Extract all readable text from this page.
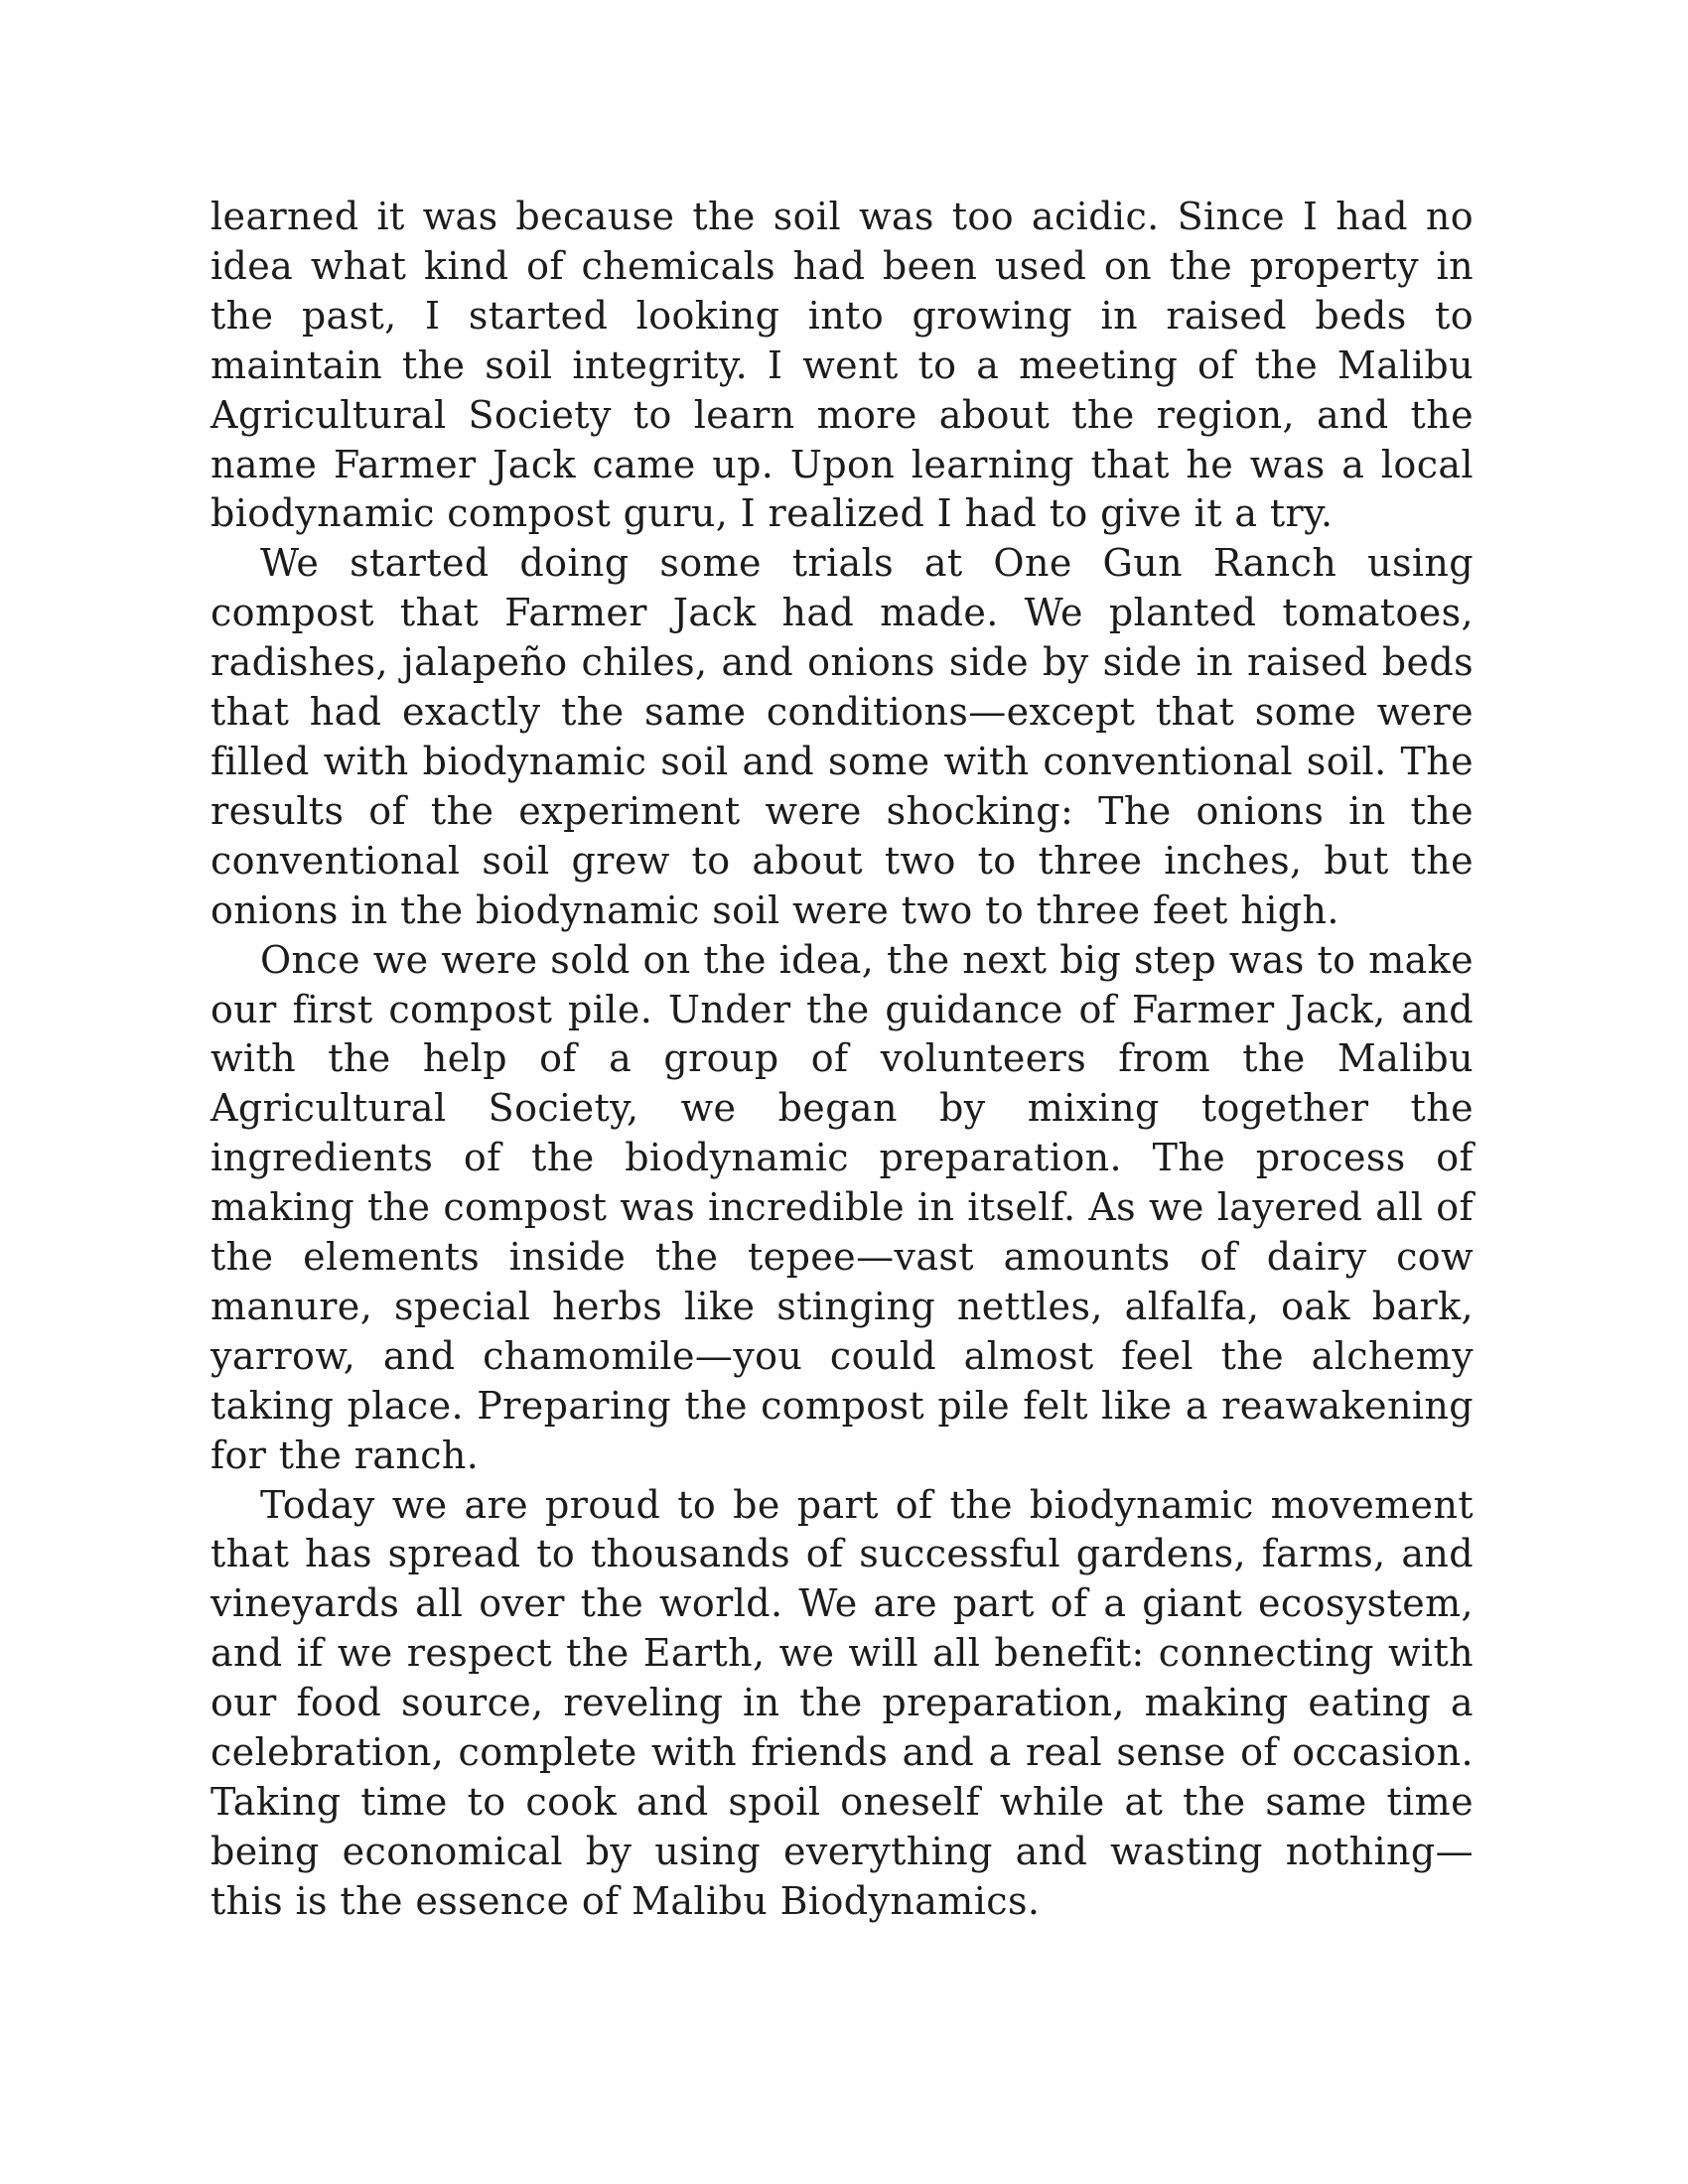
learned it was because the soil was too acidic. Since I had no idea what kind of chemicals had been used on the property in the past, I started looking into growing in raised beds to maintain the soil integrity. I went to a meeting of the Malibu Agricultural Society to learn more about the region, and the name Farmer Jack came up. Upon learning that he was a local biodynamic compost guru, I realized I had to give it a try.

We started doing some trials at One Gun Ranch using compost that Farmer Jack had made. We planted tomatoes, radishes, jalapeño chiles, and onions side by side in raised beds that had exactly the same conditions—except that some were filled with biodynamic soil and some with conventional soil. The results of the experiment were shocking: The onions in the conventional soil grew to about two to three inches, but the onions in the biodynamic soil were two to three feet high.

Once we were sold on the idea, the next big step was to make our first compost pile. Under the guidance of Farmer Jack, and with the help of a group of volunteers from the Malibu Agricultural Society, we began by mixing together the ingredients of the biodynamic preparation. The process of making the compost was incredible in itself. As we layered all of the elements inside the tepee—vast amounts of dairy cow manure, special herbs like stinging nettles, alfalfa, oak bark, yarrow, and chamomile—you could almost feel the alchemy taking place. Preparing the compost pile felt like a reawakening for the ranch.

Today we are proud to be part of the biodynamic movement that has spread to thousands of successful gardens, farms, and vineyards all over the world. We are part of a giant ecosystem, and if we respect the Earth, we will all benefit: connecting with our food source, reveling in the preparation, making eating a celebration, complete with friends and a real sense of occasion. Taking time to cook and spoil oneself while at the same time being economical by using everything and wasting nothing—this is the essence of Malibu Biodynamics.
